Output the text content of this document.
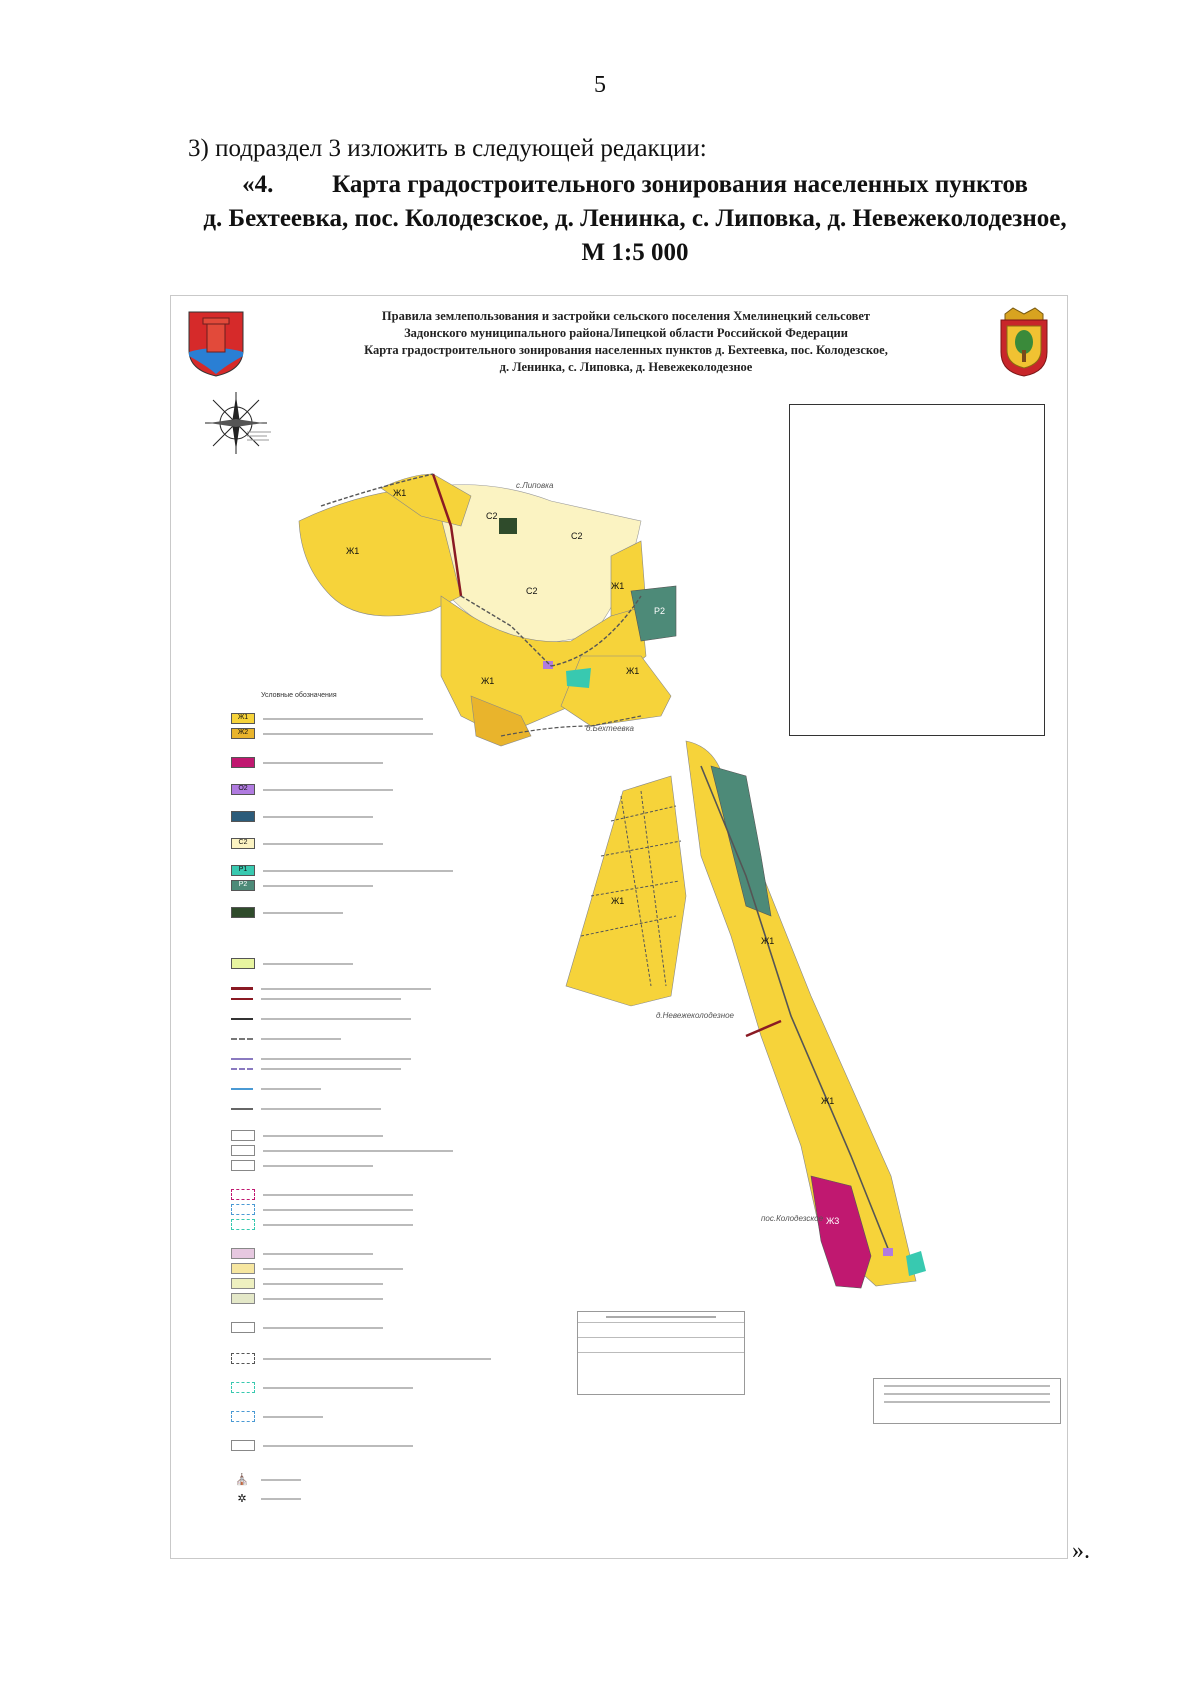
5
3) подраздел 3 изложить в следующей редакции:
«4. Карта градостроительного зонирования населенных пунктов
д. Бехтеевка, пос. Колодезское, д. Ленинка, с. Липовка, д. Невежеколодезное,
М 1:5 000
Правила землепользования и застройки сельского поселения Хмелинецкий сельсовет
Задонского муниципального районаЛипецкой области Российской Федерации
Карта градостроительного зонирования населенных пунктов д. Бехтеевка, пос. Колодезское,
д. Ленинка, с. Липовка, д. Невежеколодезное
с.Липовка
д.Бехтеевка
д.Невежеколодезное
пос.Колодезское
Ж1
Ж1
С2
С2
С2	Ж1
Ж1
Ж1
Р2
Ж1
Ж1
Ж1
Ж3
Условные обозначения
Ж1
Ж2
О2
С2
Р1
Р2
⛪
✲
».
